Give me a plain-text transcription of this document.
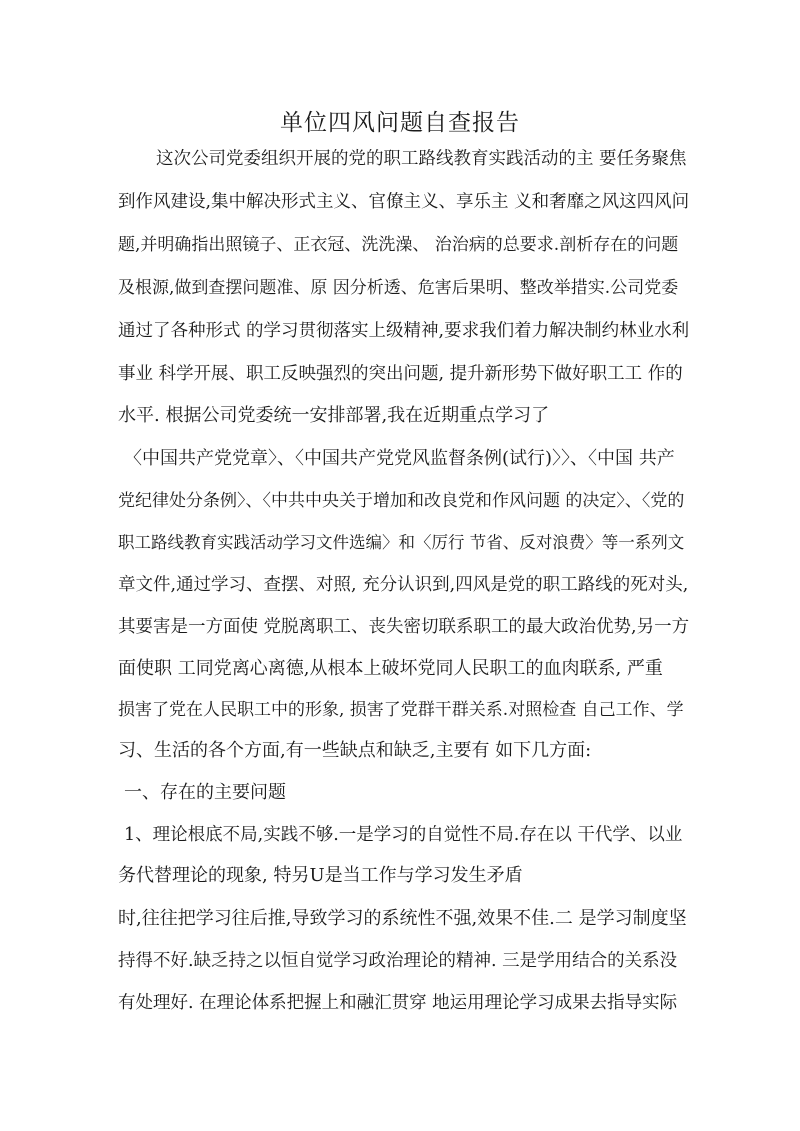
单位四风问题自查报告
这次公司党委组织开展的党的职工路线教育实践活动的主 要任务聚焦
到作风建设,集中解决形式主义、官僚主义、享乐主 义和奢靡之风这四风问
题,并明确指出照镜子、正衣冠、洗洗澡、 治治病的总要求.剖析存在的问题
及根源,做到查摆问题准、原 因分析透、危害后果明、整改举措实.公司党委
通过了各种形式 的学习贯彻落实上级精神,要求我们着力解决制约林业水利
事业 科学开展、职工反映强烈的突出问题, 提升新形势下做好职工工 作的
水平. 根据公司党委统一安排部署,我在近期重点学习了
〈中国共产党党章〉、〈中国共产党党风监督条例(试行)〉〉、〈中国 共产
党纪律处分条例〉、〈中共中央关于增加和改良党和作风问题 的决定〉、〈党的
职工路线教育实践活动学习文件选编〉和〈厉行 节省、反对浪费〉等一系列文
章文件,通过学习、查摆、对照, 充分认识到,四风是党的职工路线的死对头,
其要害是一方面使 党脱离职工、丧失密切联系职工的最大政治优势,另一方
面使职 工同党离心离德,从根本上破坏党同人民职工的血肉联系, 严重
损害了党在人民职工中的形象, 损害了党群干群关系.对照检查 自己工作、学
习、生活的各个方面,有一些缺点和缺乏,主要有 如下几方面:
一、存在的主要问题
1、理论根底不局,实践不够.一是学习的自觉性不局.存在以 干代学、以业
务代替理论的现象, 特另U是当工作与学习发生矛盾
时,往往把学习往后推,导致学习的系统性不强,效果不佳.二 是学习制度坚
持得不好.缺乏持之以恒自觉学习政治理论的精神. 三是学用结合的关系没
有处理好. 在理论体系把握上和融汇贯穿 地运用理论学习成果去指导实际
